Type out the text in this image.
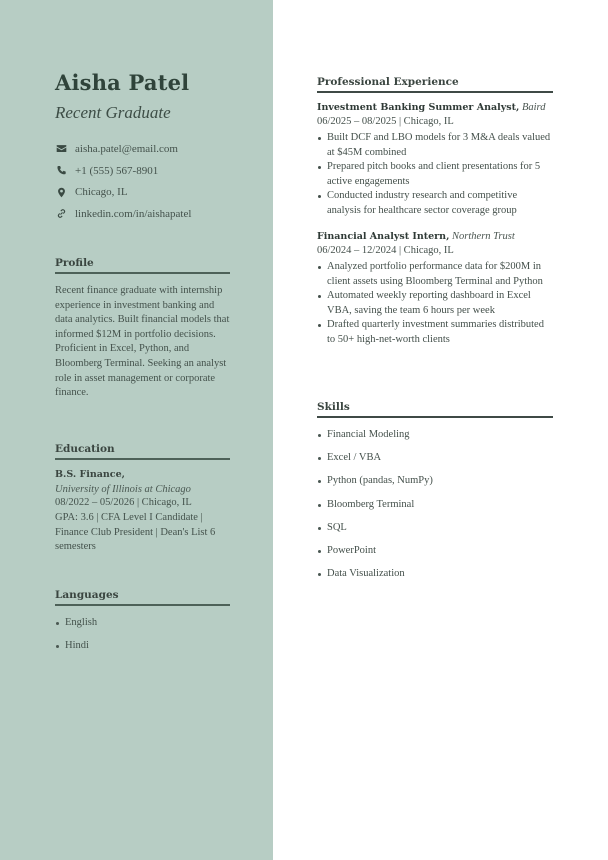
Aisha Patel
Recent Graduate
aisha.patel@email.com
+1 (555) 567-8901
Chicago, IL
linkedin.com/in/aishapatel
Profile
Recent finance graduate with internship experience in investment banking and data analytics. Built financial models that informed $12M in portfolio decisions. Proficient in Excel, Python, and Bloomberg Terminal. Seeking an analyst role in asset management or corporate finance.
Education
B.S. Finance,
University of Illinois at Chicago
08/2022 – 05/2026 | Chicago, IL
GPA: 3.6 | CFA Level I Candidate | Finance Club President | Dean's List 6 semesters
Languages
English
Hindi
Professional Experience
Investment Banking Summer Analyst, Baird
06/2025 – 08/2025 | Chicago, IL
Built DCF and LBO models for 3 M&A deals valued at $45M combined
Prepared pitch books and client presentations for 5 active engagements
Conducted industry research and competitive analysis for healthcare sector coverage group
Financial Analyst Intern, Northern Trust
06/2024 – 12/2024 | Chicago, IL
Analyzed portfolio performance data for $200M in client assets using Bloomberg Terminal and Python
Automated weekly reporting dashboard in Excel VBA, saving the team 6 hours per week
Drafted quarterly investment summaries distributed to 50+ high-net-worth clients
Skills
Financial Modeling
Excel / VBA
Python (pandas, NumPy)
Bloomberg Terminal
SQL
PowerPoint
Data Visualization
